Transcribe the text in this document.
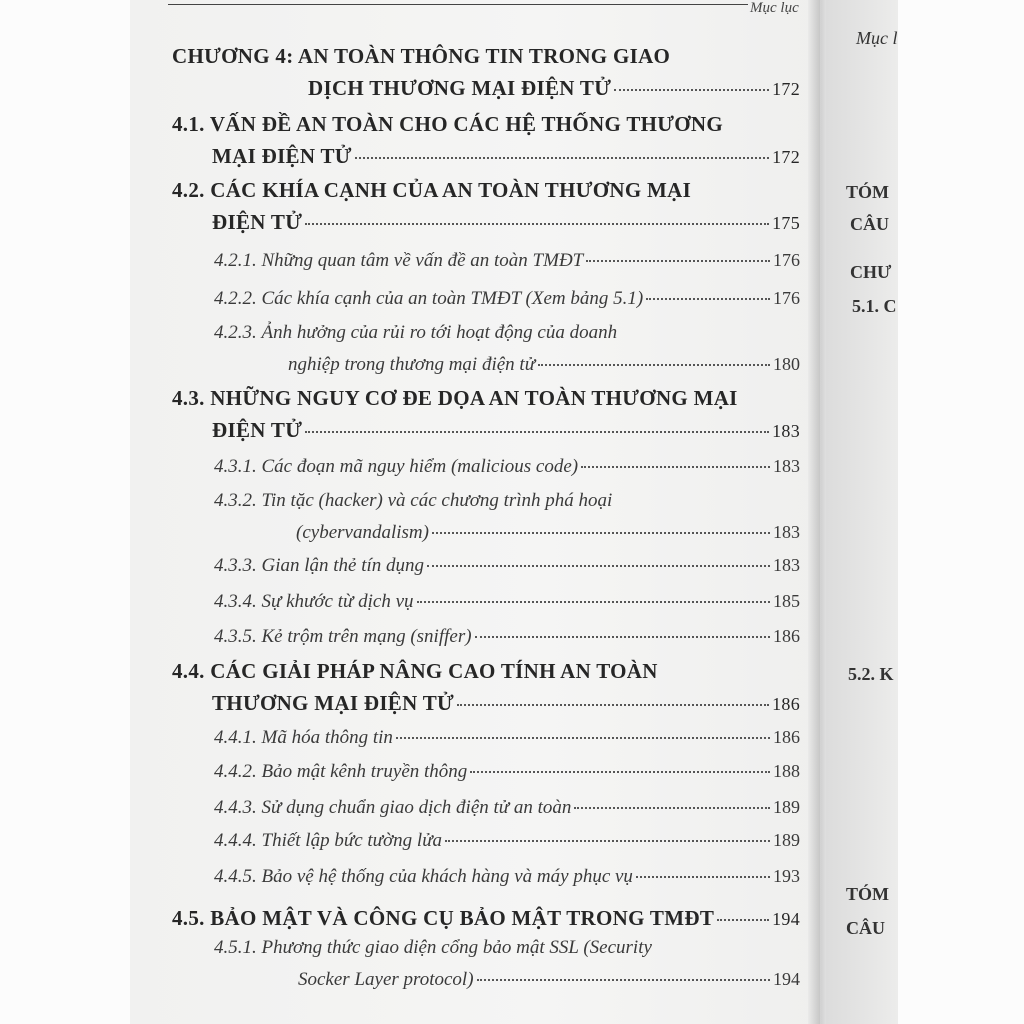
Mục l
TÓM
CÂU
CHƯ
5.1. C
5.2. K
TÓM
CÂU
Mục lục
CHƯƠNG 4: AN TOÀN THÔNG TIN TRONG GIAO
DỊCH THƯƠNG MẠI ĐIỆN TỬ	172
4.1. VẤN ĐỀ AN TOÀN CHO CÁC HỆ THỐNG THƯƠNG
MẠI ĐIỆN TỬ	172
4.2. CÁC KHÍA CẠNH CỦA AN TOÀN THƯƠNG MẠI
ĐIỆN TỬ	175
4.2.1. Những quan tâm về vấn đề an toàn TMĐT	176
4.2.2. Các khía cạnh của an toàn TMĐT (Xem bảng 5.1)	176
4.2.3. Ảnh hưởng của rủi ro tới hoạt động của doanh
nghiệp trong thương mại điện tử	180
4.3. NHỮNG NGUY CƠ ĐE DỌA AN TOÀN THƯƠNG MẠI
ĐIỆN TỬ	183
4.3.1. Các đoạn mã nguy hiểm (malicious code)	183
4.3.2. Tin tặc (hacker) và các chương trình phá hoại
(cybervandalism)	183
4.3.3. Gian lận thẻ tín dụng	183
4.3.4. Sự khước từ dịch vụ	185
4.3.5. Kẻ trộm trên mạng (sniffer)	186
4.4. CÁC GIẢI PHÁP NÂNG CAO TÍNH AN TOÀN
THƯƠNG MẠI ĐIỆN TỬ	186
4.4.1. Mã hóa thông tin	186
4.4.2. Bảo mật kênh truyền thông	188
4.4.3. Sử dụng chuẩn giao dịch điện tử an toàn	189
4.4.4. Thiết lập bức tường lửa	189
4.4.5. Bảo vệ hệ thống của khách hàng và máy phục vụ	193
4.5. BẢO MẬT VÀ CÔNG CỤ BẢO MẬT TRONG TMĐT	194
4.5.1. Phương thức giao diện cổng bảo mật SSL (Security
Socker Layer protocol)	194
